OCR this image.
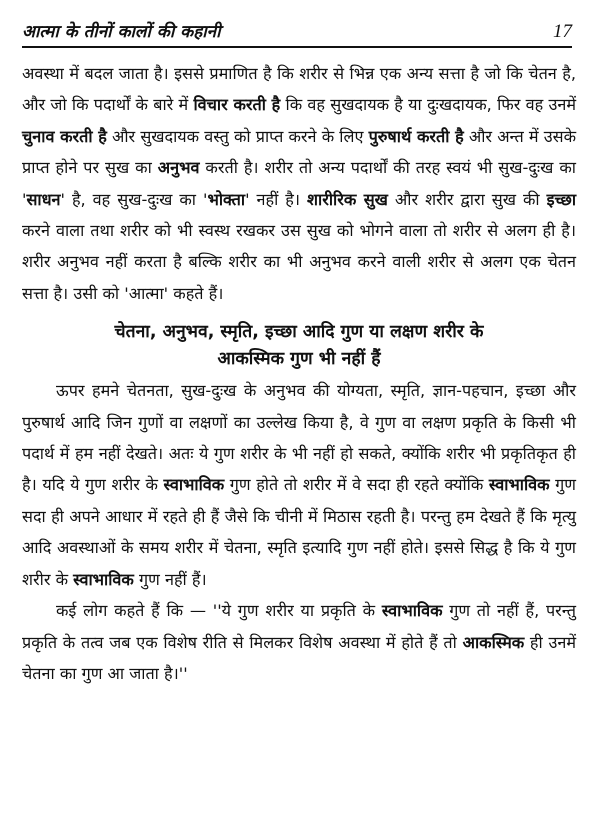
आत्मा के तीनों कालों की कहानी	17

अवस्था में बदल जाता है। इससे प्रमाणित है कि शरीर से भिन्न एक अन्य सत्ता है जो कि चेतन है, और जो कि पदार्थों के बारे में विचार करती है कि वह सुखदायक है या दुःखदायक, फिर वह उनमें चुनाव करती है और सुखदायक वस्तु को प्राप्त करने के लिए पुरुषार्थ करती है और अन्त में उसके प्राप्त होने पर सुख का अनुभव करती है। शरीर तो अन्य पदार्थों की तरह स्वयं भी सुख-दुःख का 'साधन' है, वह सुख-दुःख का 'भोक्ता' नहीं है। शारीरिक सुख और शरीर द्वारा सुख की इच्छा करने वाला तथा शरीर को भी स्वस्थ रखकर उस सुख को भोगने वाला तो शरीर से अलग ही है। शरीर अनुभव नहीं करता है बल्कि शरीर का भी अनुभव करने वाली शरीर से अलग एक चेतन सत्ता है। उसी को 'आत्मा' कहते हैं।

चेतना, अनुभव, स्मृति, इच्छा आदि गुण या लक्षण शरीर के
आकस्मिक गुण भी नहीं हैं

ऊपर हमने चेतनता, सुख-दुःख के अनुभव की योग्यता, स्मृति, ज्ञान-पहचान, इच्छा और पुरुषार्थ आदि जिन गुणों वा लक्षणों का उल्लेख किया है, वे गुण वा लक्षण प्रकृति के किसी भी पदार्थ में हम नहीं देखते। अतः ये गुण शरीर के भी नहीं हो सकते, क्योंकि शरीर भी प्रकृतिकृत ही है। यदि ये गुण शरीर के स्वाभाविक गुण होते तो शरीर में वे सदा ही रहते क्योंकि स्वाभाविक गुण सदा ही अपने आधार में रहते ही हैं जैसे कि चीनी में मिठास रहती है। परन्तु हम देखते हैं कि मृत्यु आदि अवस्थाओं के समय शरीर में चेतना, स्मृति इत्यादि गुण नहीं होते। इससे सिद्ध है कि ये गुण शरीर के स्वाभाविक गुण नहीं हैं।

कई लोग कहते हैं कि — ''ये गुण शरीर या प्रकृति के स्वाभाविक गुण तो नहीं हैं, परन्तु प्रकृति के तत्व जब एक विशेष रीति से मिलकर विशेष अवस्था में होते हैं तो आकस्मिक ही उनमें चेतना का गुण आ जाता है।''
